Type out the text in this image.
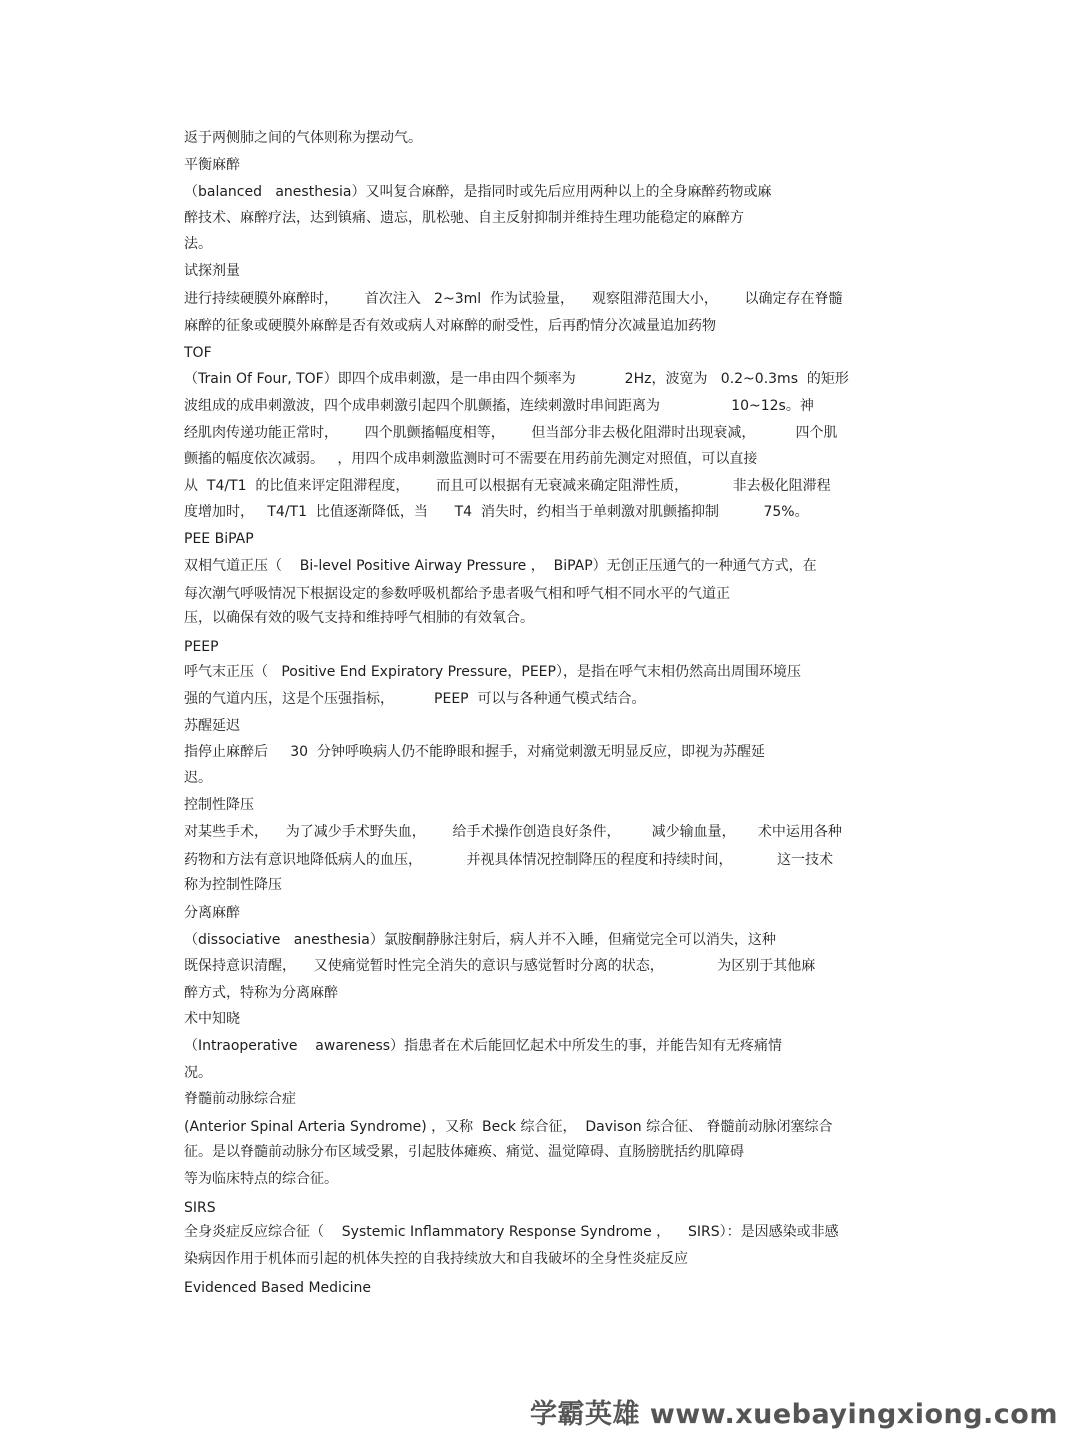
返于两侧肺之间的气体则称为摆动气。
平衡麻醉
（balanced   anesthesia）又叫复合麻醉，是指同时或先后应用两种以上的全身麻醉药物或麻
醉技术、麻醉疗法，达到镇痛、遗忘，肌松驰、自主反射抑制并维持生理功能稳定的麻醉方
法。
试探剂量
进行持续硬膜外麻醉时，      首次注入   2~3ml  作为试验量，    观察阻滞范围大小，      以确定存在脊髓
麻醉的征象或硬膜外麻醉是否有效或病人对麻醉的耐受性，后再酌情分次减量追加药物
TOF
（Train Of Four, TOF）即四个成串刺激，是一串由四个频率为           2Hz，波宽为   0.2~0.3ms  的矩形
波组成的成串刺激波，四个成串刺激引起四个肌颤搐，连续刺激时串间距离为                10~12s。神
经肌肉传递功能正常时，      四个肌颤搐幅度相等，      但当部分非去极化阻滞时出现衰减，         四个肌
颤搐的幅度依次减弱。   ，用四个成串刺激监测时可不需要在用药前先测定对照值，可以直接
从  T4/T1  的比值来评定阻滞程度，      而且可以根据有无衰减来确定阻滞性质，          非去极化阻滞程
度增加时，   T4/T1  比值逐渐降低，当      T4  消失时，约相当于单刺激对肌颤搐抑制          75%。
PEE BiPAP
双相气道正压（    Bi-level Positive Airway Pressure ，  BiPAP）无创正压通气的一种通气方式，在
每次潮气呼吸情况下根据设定的参数呼吸机都给予患者吸气相和呼气相不同水平的气道正
压，以确保有效的吸气支持和维持呼气相肺的有效氧合。
PEEP
呼气末正压（   Positive End Expiratory Pressure，PEEP），是指在呼气末相仍然高出周围环境压
强的气道内压，这是个压强指标，         PEEP  可以与各种通气模式结合。
苏醒延迟
指停止麻醉后     30  分钟呼唤病人仍不能睁眼和握手，对痛觉刺激无明显反应，即视为苏醒延
迟。
控制性降压
对某些手术，    为了减少手术野失血，      给手术操作创造良好条件，       减少输血量，     术中运用各种
药物和方法有意识地降低病人的血压，          并视具体情况控制降压的程度和持续时间，          这一技术
称为控制性降压
分离麻醉
（dissociative   anesthesia）氯胺酮静脉注射后，病人并不入睡，但痛觉完全可以消失，这种
既保持意识清醒，    又使痛觉暂时性完全消失的意识与感觉暂时分离的状态，            为区别于其他麻
醉方式，特称为分离麻醉
术中知晓
（Intraoperative    awareness）指患者在术后能回忆起术中所发生的事，并能告知有无疼痛情
况。
脊髓前动脉综合症
(Anterior Spinal Arteria Syndrome) ，又称  Beck 综合征，  Davison 综合征、 脊髓前动脉闭塞综合
征。是以脊髓前动脉分布区域受累，引起肢体瘫痪、痛觉、温觉障碍、直肠膀胱括约肌障碍
等为临床特点的综合征。
SIRS
全身炎症反应综合征（    Systemic Inflammatory Response Syndrome ，    SIRS）：是因感染或非感
染病因作用于机体而引起的机体失控的自我持续放大和自我破坏的全身性炎症反应
Evidenced Based Medicine
学霸英雄 www.xuebayingxiong.com
